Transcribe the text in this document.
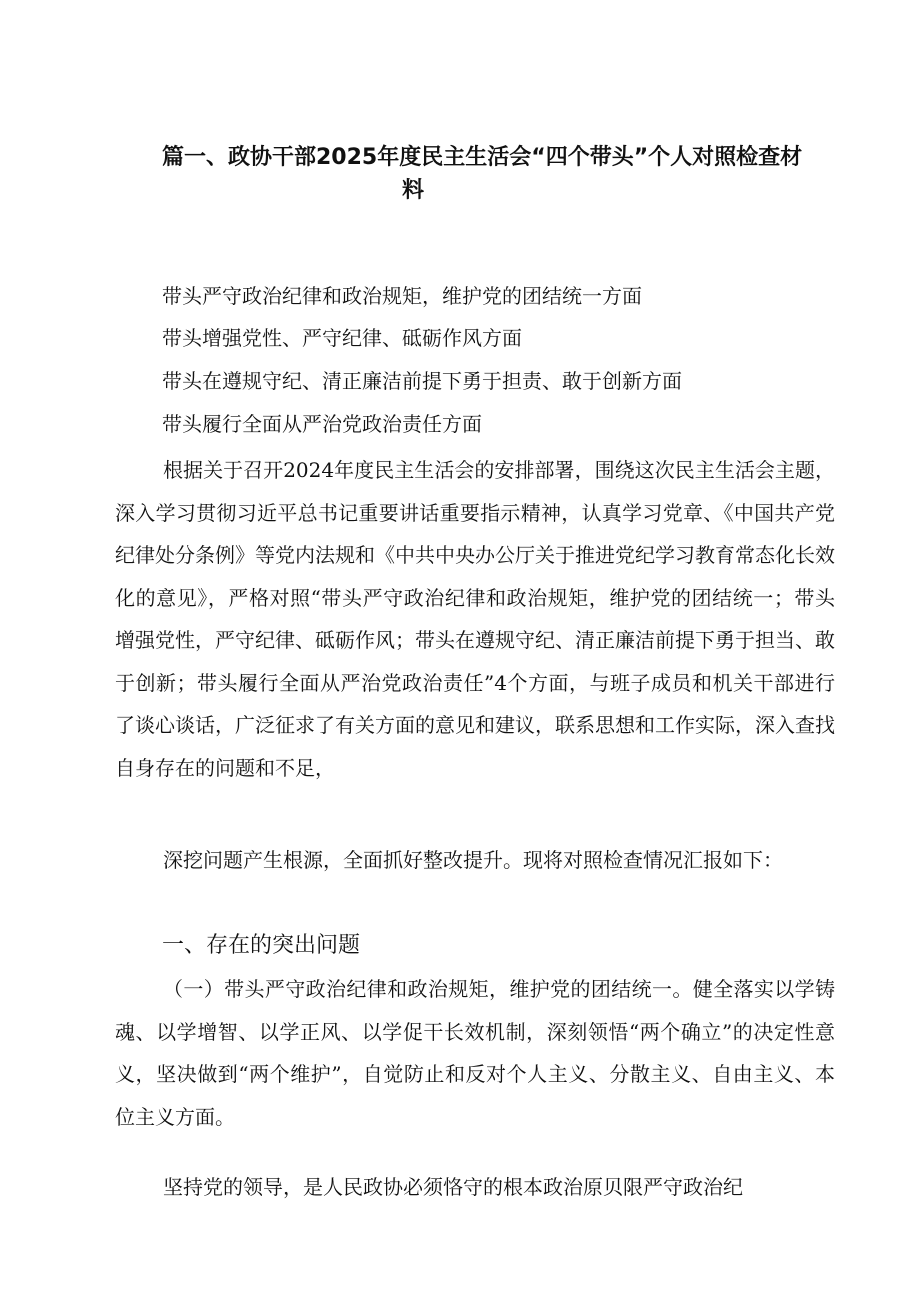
篇一、政协干部2025年度民主生活会“四个带头”个人对照检查材
料
带头严守政治纪律和政治规矩，维护党的团结统一方面
带头增强党性、严守纪律、砥砺作风方面
带头在遵规守纪、清正廉洁前提下勇于担责、敢于创新方面
带头履行全面从严治党政治责任方面
根据关于召开2024年度民主生活会的安排部署，围绕这次民主生活会主题，深入学习贯彻习近平总书记重要讲话重要指示精神，认真学习党章、《中国共产党纪律处分条例》等党内法规和《中共中央办公厅关于推进党纪学习教育常态化长效化的意见》，严格对照“带头严守政治纪律和政治规矩，维护党的团结统一；带头增强党性，严守纪律、砥砺作风；带头在遵规守纪、清正廉洁前提下勇于担当、敢于创新；带头履行全面从严治党政治责任”4个方面，与班子成员和机关干部进行了谈心谈话，广泛征求了有关方面的意见和建议，联系思想和工作实际，深入查找自身存在的问题和不足，
深挖问题产生根源，全面抓好整改提升。现将对照检查情况汇报如下：
一、存在的突出问题
（一）带头严守政治纪律和政治规矩，维护党的团结统一。健全落实以学铸魂、以学增智、以学正风、以学促干长效机制，深刻领悟“两个确立”的决定性意义，坚决做到“两个维护”，自觉防止和反对个人主义、分散主义、自由主义、本位主义方面。
坚持党的领导，是人民政协必须恪守的根本政治原贝限严守政治纪
